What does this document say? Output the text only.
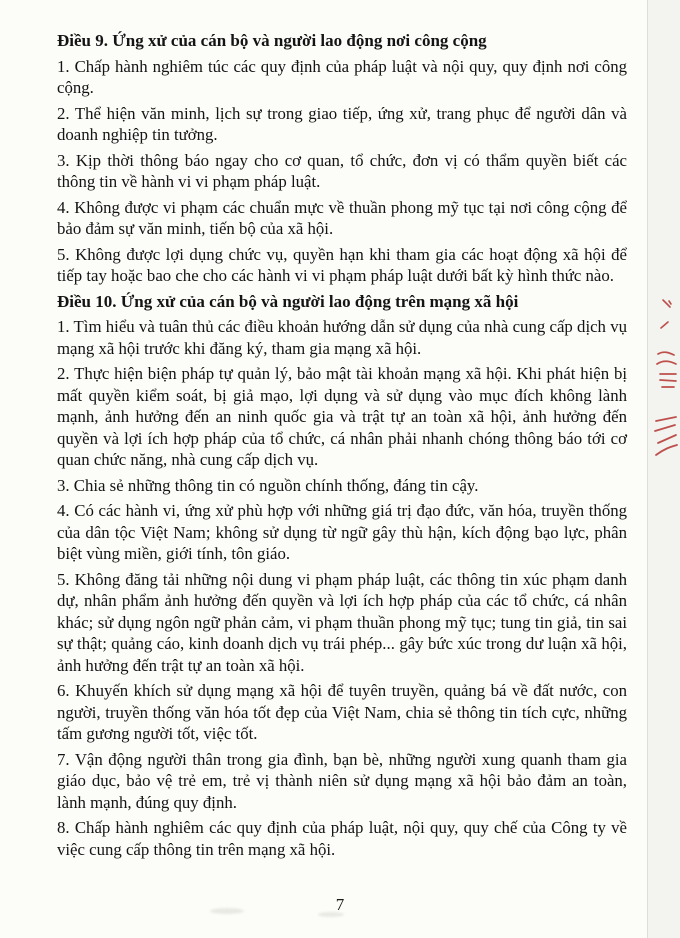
Điều 9. Ứng xử của cán bộ và người lao động nơi công cộng

1. Chấp hành nghiêm túc các quy định của pháp luật và nội quy, quy định nơi công cộng.

2. Thể hiện văn minh, lịch sự trong giao tiếp, ứng xử, trang phục để người dân và doanh nghiệp tin tưởng.

3. Kịp thời thông báo ngay cho cơ quan, tổ chức, đơn vị có thẩm quyền biết các thông tin về hành vi vi phạm pháp luật.

4. Không được vi phạm các chuẩn mực về thuần phong mỹ tục tại nơi công cộng để bảo đảm sự văn minh, tiến bộ của xã hội.

5. Không được lợi dụng chức vụ, quyền hạn khi tham gia các hoạt động xã hội để tiếp tay hoặc bao che cho các hành vi vi phạm pháp luật dưới bất kỳ hình thức nào.

Điều 10. Ứng xử của cán bộ và người lao động trên mạng xã hội

1. Tìm hiểu và tuân thủ các điều khoản hướng dẫn sử dụng của nhà cung cấp dịch vụ mạng xã hội trước khi đăng ký, tham gia mạng xã hội.

2. Thực hiện biện pháp tự quản lý, bảo mật tài khoản mạng xã hội. Khi phát hiện bị mất quyền kiểm soát, bị giả mạo, lợi dụng và sử dụng vào mục đích không lành mạnh, ảnh hưởng đến an ninh quốc gia và trật tự an toàn xã hội, ảnh hưởng đến quyền và lợi ích hợp pháp của tổ chức, cá nhân phải nhanh chóng thông báo tới cơ quan chức năng, nhà cung cấp dịch vụ.

3. Chia sẻ những thông tin có nguồn chính thống, đáng tin cậy.

4. Có các hành vi, ứng xử phù hợp với những giá trị đạo đức, văn hóa, truyền thống của dân tộc Việt Nam; không sử dụng từ ngữ gây thù hận, kích động bạo lực, phân biệt vùng miền, giới tính, tôn giáo.

5. Không đăng tải những nội dung vi phạm pháp luật, các thông tin xúc phạm danh dự, nhân phẩm ảnh hưởng đến quyền và lợi ích hợp pháp của các tổ chức, cá nhân khác; sử dụng ngôn ngữ phản cảm, vi phạm thuần phong mỹ tục; tung tin giả, tin sai sự thật; quảng cáo, kinh doanh dịch vụ trái phép... gây bức xúc trong dư luận xã hội, ảnh hưởng đến trật tự an toàn xã hội.

6. Khuyến khích sử dụng mạng xã hội để tuyên truyền, quảng bá về đất nước, con người, truyền thống văn hóa tốt đẹp của Việt Nam, chia sẻ thông tin tích cực, những tấm gương người tốt, việc tốt.

7. Vận động người thân trong gia đình, bạn bè, những người xung quanh tham gia giáo dục, bảo vệ trẻ em, trẻ vị thành niên sử dụng mạng xã hội bảo đảm an toàn, lành mạnh, đúng quy định.

8. Chấp hành nghiêm các quy định của pháp luật, nội quy, quy chế của Công ty về việc cung cấp thông tin trên mạng xã hội.

7
